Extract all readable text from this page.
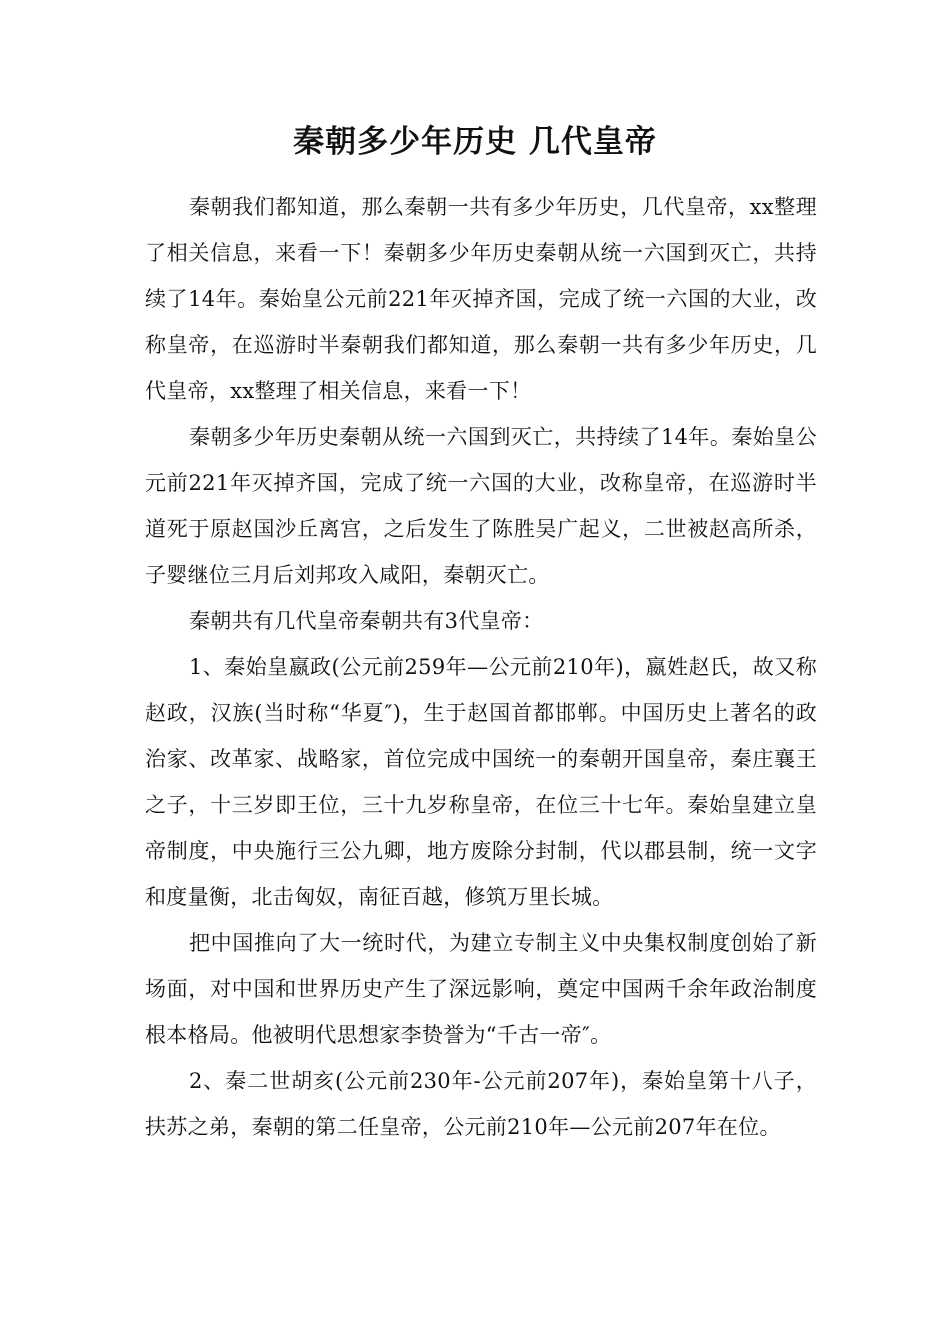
秦朝多少年历史 几代皇帝

秦朝我们都知道，那么秦朝一共有多少年历史，几代皇帝，xx整理了相关信息，来看一下！秦朝多少年历史秦朝从统一六国到灭亡，共持续了14年。秦始皇公元前221年灭掉齐国，完成了统一六国的大业，改称皇帝，在巡游时半秦朝我们都知道，那么秦朝一共有多少年历史，几代皇帝，xx整理了相关信息，来看一下！

秦朝多少年历史秦朝从统一六国到灭亡，共持续了14年。秦始皇公元前221年灭掉齐国，完成了统一六国的大业，改称皇帝，在巡游时半道死于原赵国沙丘离宫，之后发生了陈胜吴广起义，二世被赵高所杀，子婴继位三月后刘邦攻入咸阳，秦朝灭亡。

秦朝共有几代皇帝秦朝共有3代皇帝：

1、秦始皇嬴政(公元前259年—公元前210年)，嬴姓赵氏，故又称赵政，汉族(当时称“华夏″)，生于赵国首都邯郸。中国历史上著名的政治家、改革家、战略家，首位完成中国统一的秦朝开国皇帝，秦庄襄王之子，十三岁即王位，三十九岁称皇帝，在位三十七年。秦始皇建立皇帝制度，中央施行三公九卿，地方废除分封制，代以郡县制，统一文字和度量衡，北击匈奴，南征百越，修筑万里长城。

把中国推向了大一统时代，为建立专制主义中央集权制度创始了新场面，对中国和世界历史产生了深远影响，奠定中国两千余年政治制度根本格局。他被明代思想家李贽誉为“千古一帝″。

2、秦二世胡亥(公元前230年-公元前207年)，秦始皇第十八子，扶苏之弟，秦朝的第二任皇帝，公元前210年—公元前207年在位。
